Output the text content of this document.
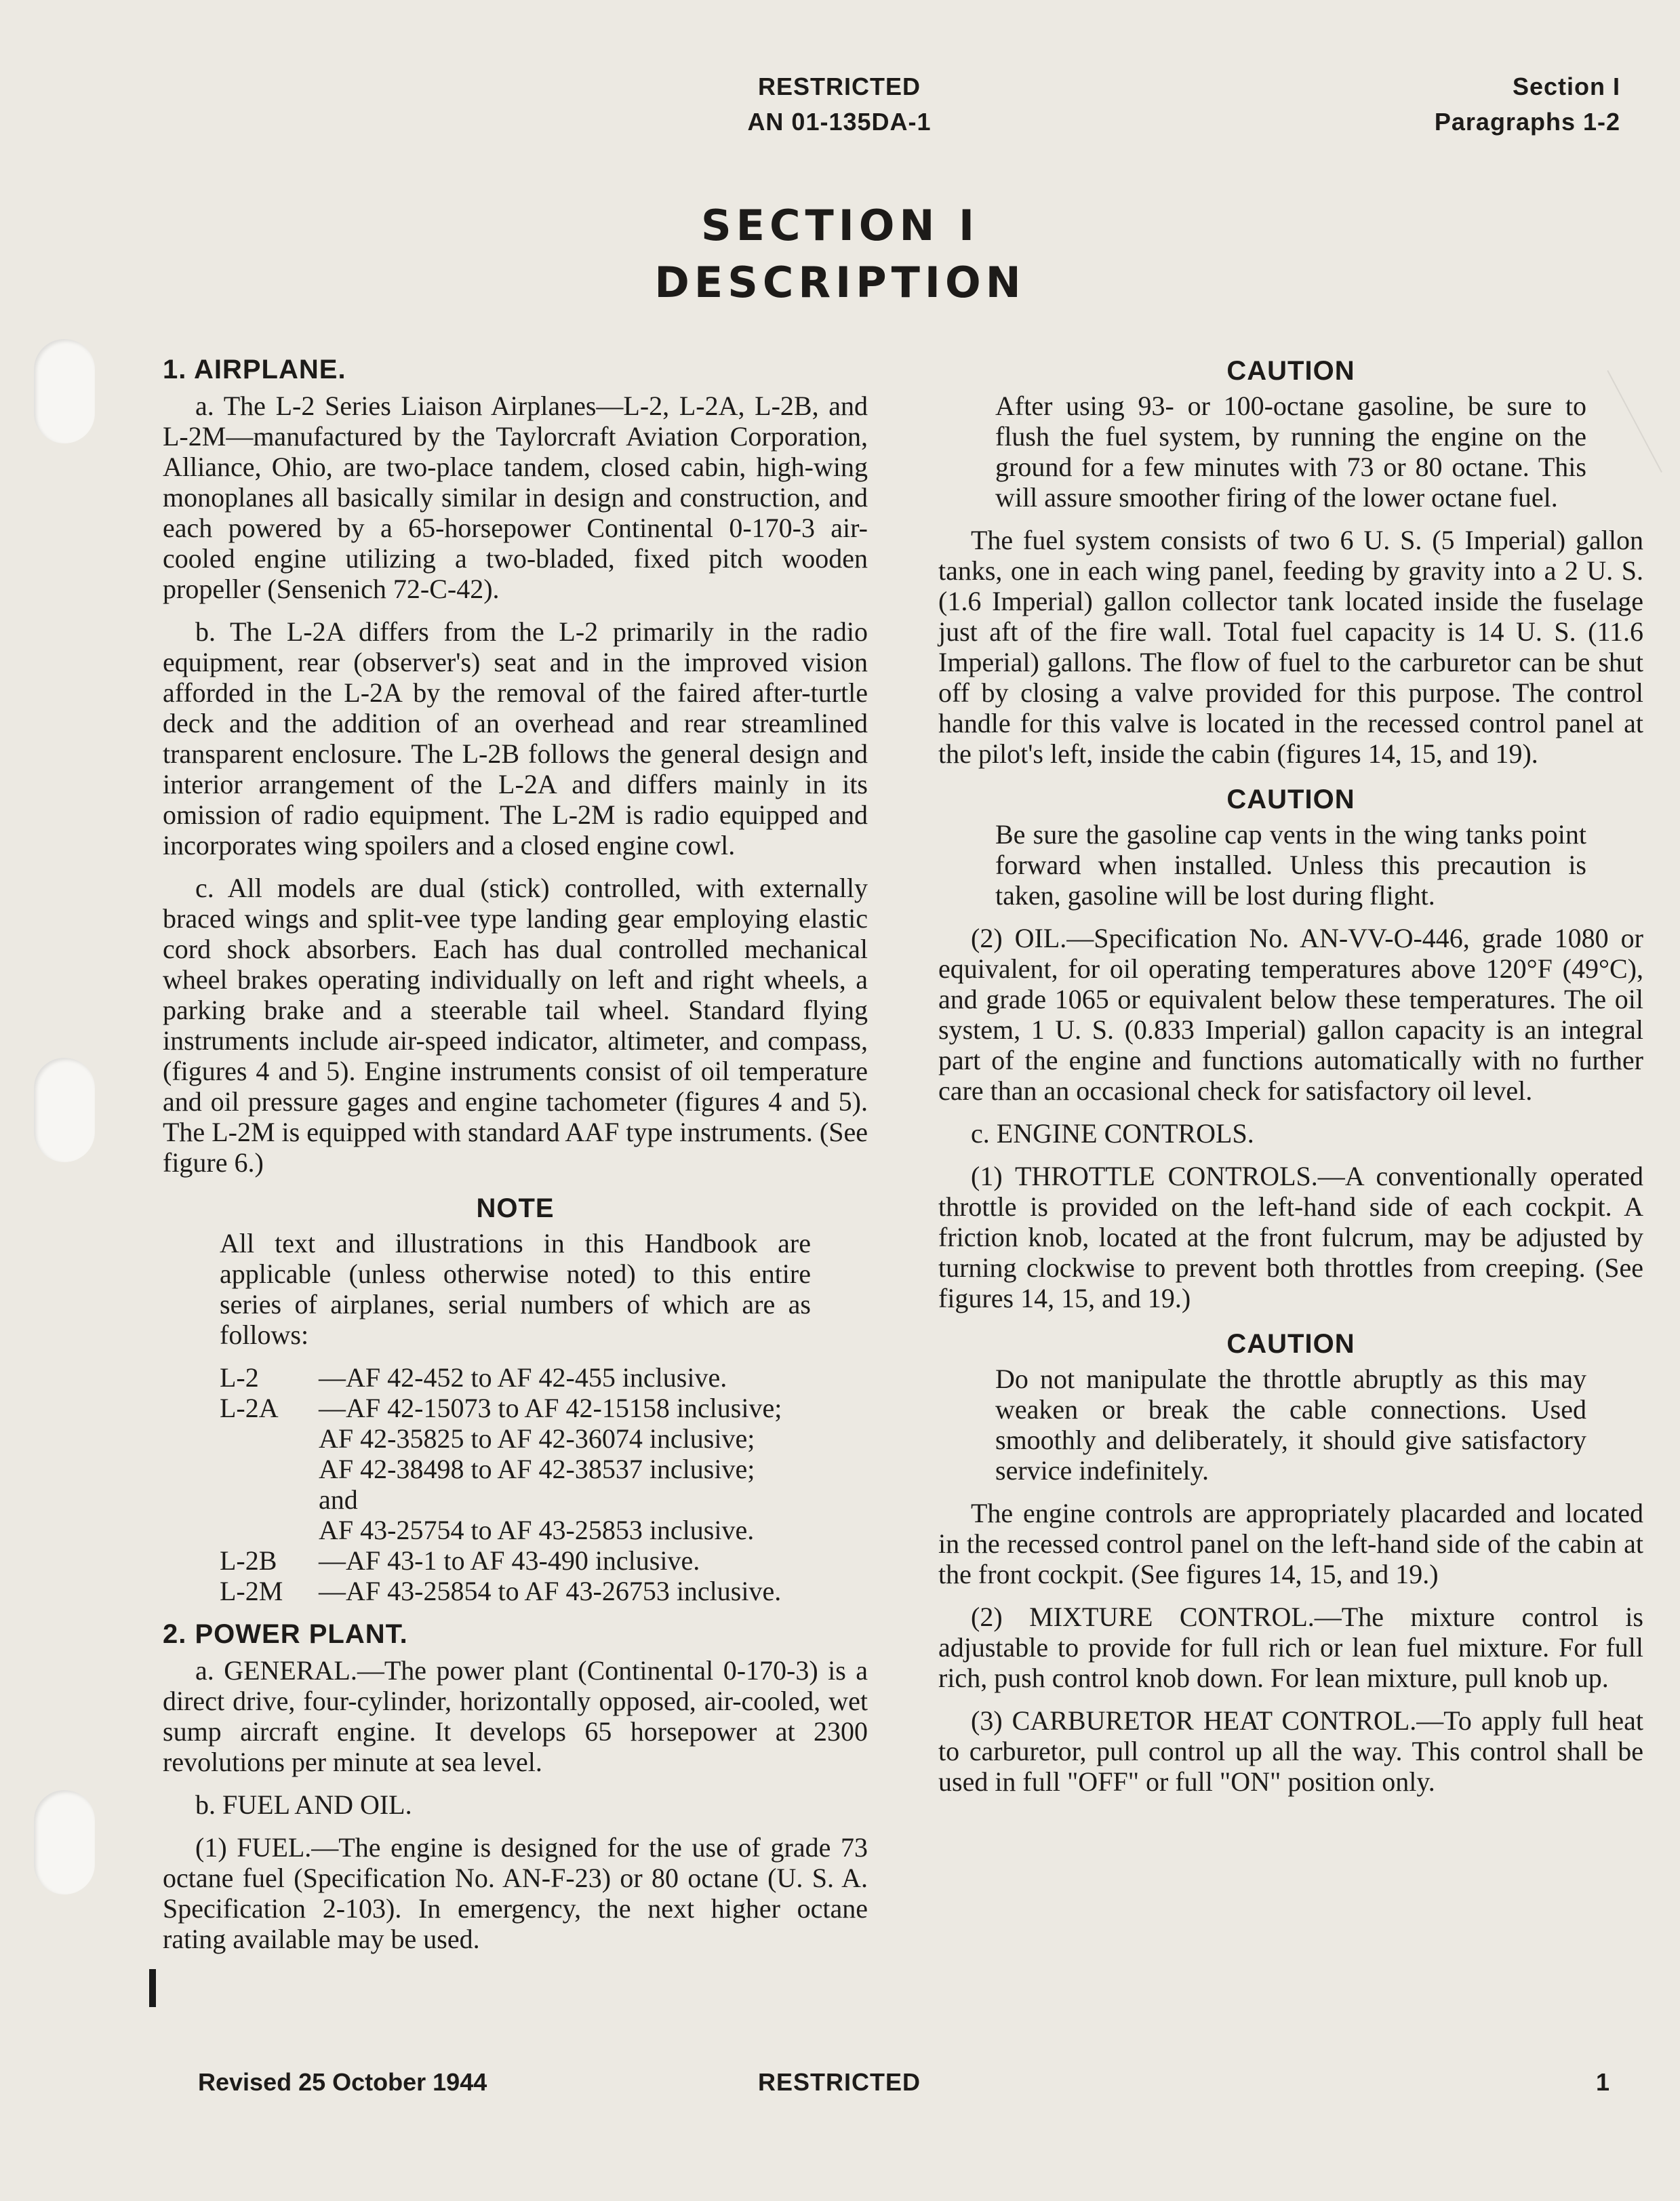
RESTRICTED
AN 01-135DA-1
Section I
Paragraphs 1-2
SECTION I
DESCRIPTION
1. AIRPLANE.

a. The L-2 Series Liaison Airplanes—L-2, L-2A, L-2B, and L-2M—manufactured by the Taylorcraft Aviation Corporation, Alliance, Ohio, are two-place tandem, closed cabin, high-wing monoplanes all basically similar in design and construction, and each powered by a 65-horsepower Continental 0-170-3 air-cooled engine utilizing a two-bladed, fixed pitch wooden propeller (Sensenich 72-C-42).

b. The L-2A differs from the L-2 primarily in the radio equipment, rear (observer's) seat and in the improved vision afforded in the L-2A by the removal of the faired after-turtle deck and the addition of an overhead and rear streamlined transparent enclosure. The L-2B follows the general design and interior arrangement of the L-2A and differs mainly in its omission of radio equipment. The L-2M is radio equipped and incorporates wing spoilers and a closed engine cowl.

c. All models are dual (stick) controlled, with externally braced wings and split-vee type landing gear employing elastic cord shock absorbers. Each has dual controlled mechanical wheel brakes operating individually on left and right wheels, a parking brake and a steerable tail wheel. Standard flying instruments include air-speed indicator, altimeter, and compass, (figures 4 and 5). Engine instruments consist of oil temperature and oil pressure gages and engine tachometer (figures 4 and 5). The L-2M is equipped with standard AAF type instruments. (See figure 6.)

NOTE

All text and illustrations in this Handbook are applicable (unless otherwise noted) to this entire series of airplanes, serial numbers of which are as follows:

L-2	—AF 42-452 to AF 42-455 inclusive.
L-2A	—AF 42-15073 to AF 42-15158 inclusive;
AF 42-35825 to AF 42-36074 inclusive;
AF 42-38498 to AF 42-38537 inclusive;
and
AF 43-25754 to AF 43-25853 inclusive.
L-2B	—AF 43-1 to AF 43-490 inclusive.
L-2M	—AF 43-25854 to AF 43-26753 inclusive.
2. POWER PLANT.

a. GENERAL.—The power plant (Continental 0-170-3) is a direct drive, four-cylinder, horizontally opposed, air-cooled, wet sump aircraft engine. It develops 65 horsepower at 2300 revolutions per minute at sea level.

b. FUEL AND OIL.

(1) FUEL.—The engine is designed for the use of grade 73 octane fuel (Specification No. AN-F-23) or 80 octane (U. S. A. Specification 2-103). In emergency, the next higher octane rating available may be used.

CAUTION

After using 93- or 100-octane gasoline, be sure to flush the fuel system, by running the engine on the ground for a few minutes with 73 or 80 octane. This will assure smoother firing of the lower octane fuel.

The fuel system consists of two 6 U. S. (5 Imperial) gallon tanks, one in each wing panel, feeding by gravity into a 2 U. S. (1.6 Imperial) gallon collector tank located inside the fuselage just aft of the fire wall. Total fuel capacity is 14 U. S. (11.6 Imperial) gallons. The flow of fuel to the carburetor can be shut off by closing a valve provided for this purpose. The control handle for this valve is located in the recessed control panel at the pilot's left, inside the cabin (figures 14, 15, and 19).

CAUTION

Be sure the gasoline cap vents in the wing tanks point forward when installed. Unless this precaution is taken, gasoline will be lost during flight.

(2) OIL.—Specification No. AN-VV-O-446, grade 1080 or equivalent, for oil operating temperatures above 120°F (49°C), and grade 1065 or equivalent below these temperatures. The oil system, 1 U. S. (0.833 Imperial) gallon capacity is an integral part of the engine and functions automatically with no further care than an occasional check for satisfactory oil level.

c. ENGINE CONTROLS.

(1) THROTTLE CONTROLS.—A conventionally operated throttle is provided on the left-hand side of each cockpit. A friction knob, located at the front fulcrum, may be adjusted by turning clockwise to prevent both throttles from creeping. (See figures 14, 15, and 19.)

CAUTION

Do not manipulate the throttle abruptly as this may weaken or break the cable connections. Used smoothly and deliberately, it should give satisfactory service indefinitely.

The engine controls are appropriately placarded and located in the recessed control panel on the left-hand side of the cabin at the front cockpit. (See figures 14, 15, and 19.)

(2) MIXTURE CONTROL.—The mixture control is adjustable to provide for full rich or lean fuel mixture. For full rich, push control knob down. For lean mixture, pull knob up.

(3) CARBURETOR HEAT CONTROL.—To apply full heat to carburetor, pull control up all the way. This control shall be used in full "OFF" or full "ON" position only.

Revised 25 October 1944	RESTRICTED	1
